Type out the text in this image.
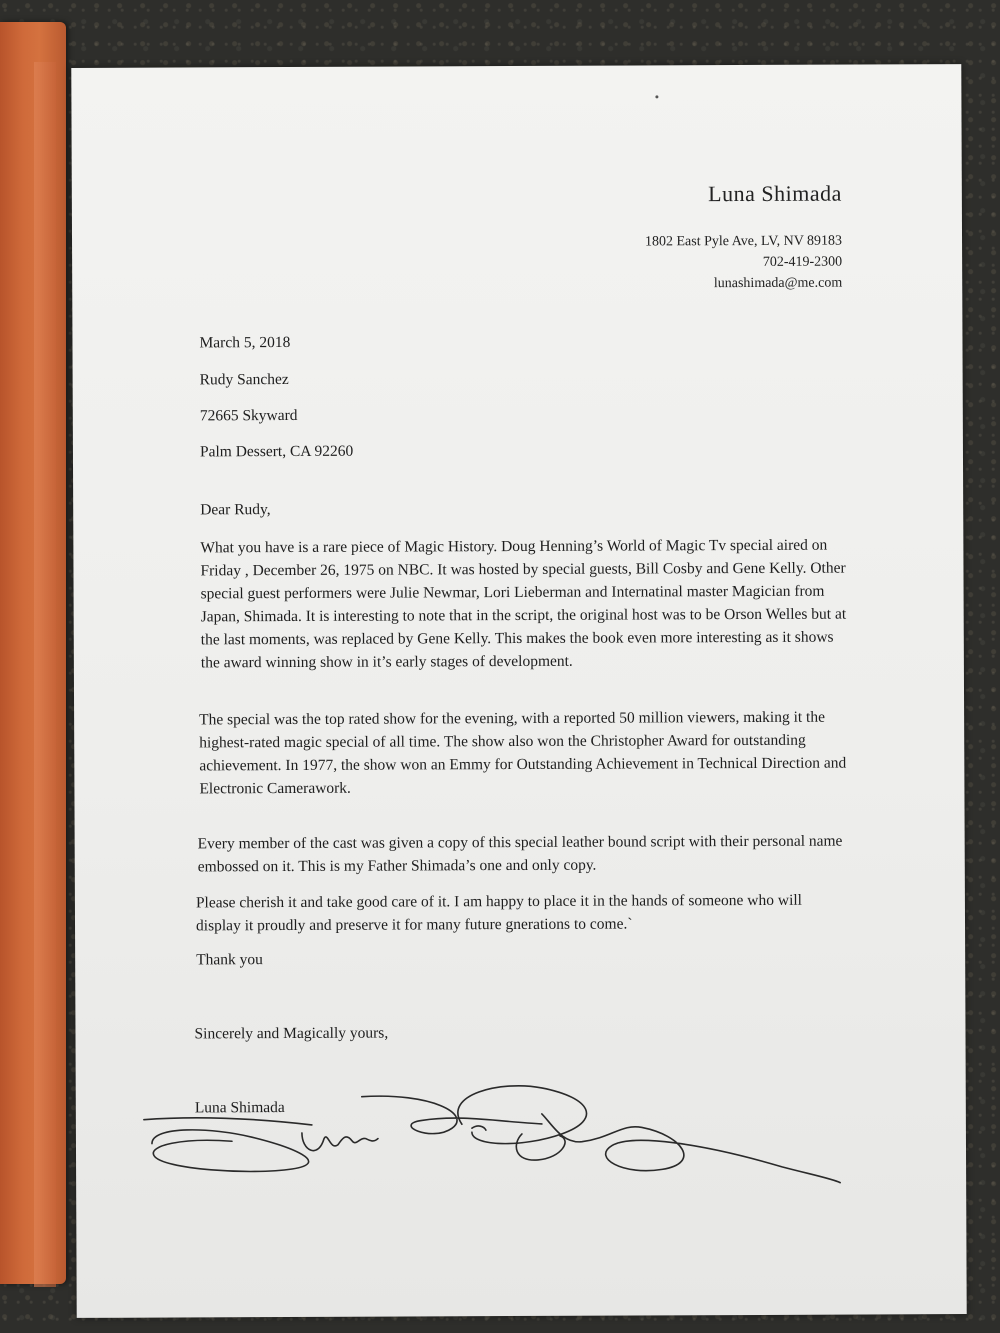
Luna Shimada
1802 East Pyle Ave, LV, NV 89183
702-419-2300
lunashimada@me.com
March 5, 2018
Rudy Sanchez
72665 Skyward
Palm Dessert, CA 92260
Dear Rudy,
What you have is a rare piece of Magic History. Doug Henning’s World of Magic Tv special aired on Friday , December 26, 1975 on NBC. It was hosted by special guests, Bill Cosby and Gene Kelly. Other special guest performers were Julie Newmar, Lori Lieberman and Internatinal master Magician from Japan, Shimada. It is interesting to note that in the script, the original host was to be Orson Welles but at the last moments, was replaced by Gene Kelly. This makes the book even more interesting as it shows the award winning show in it’s early stages of development.
The special was the top rated show for the evening, with a reported 50 million viewers, making it the highest-rated magic special of all time. The show also won the Christopher Award for outstanding achievement. In 1977, the show won an Emmy for Outstanding Achievement in Technical Direction and Electronic Camerawork.
Every member of the cast was given a copy of this special leather bound script with their personal name embossed on it. This is my Father Shimada’s one and only copy.
Please cherish it and take good care of it. I am happy to place it in the hands of someone who will display it proudly and preserve it for many future gnerations to come.`
Thank you
Sincerely and Magically yours,
Luna Shimada
